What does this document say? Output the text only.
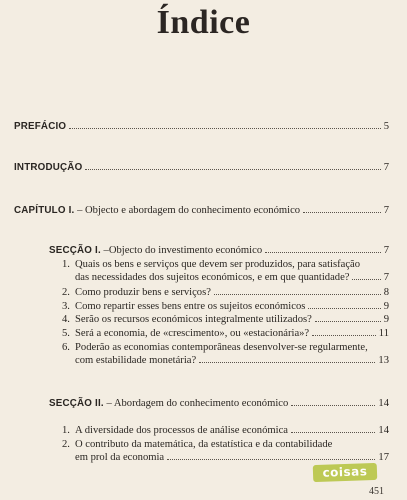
Índice
PREFÁCIO	5
INTRODUÇÃO	7
CAPÍTULO I. – Objecto e abordagem do conhecimento económico	7
SECÇÃO I. –Objecto do investimento económico	7
1. Quais os bens e serviços que devem ser produzidos, para satisfação
das necessidades dos sujeitos económicos, e em que quantidade?	7
2. Como produzir bens e serviços?	8
3. Como repartir esses bens entre os sujeitos económicos	9
4. Serão os recursos económicos integralmente utilizados?	9
5. Será a economia, de «crescimento», ou «estacionária»?	11
6. Poderão as economias contemporâneas desenvolver-se regularmente,
com estabilidade monetária?	13
SECÇÃO II. – Abordagem do conhecimento económico	14
1. A diversidade dos processos de análise económica	14
2. O contributo da matemática, da estatística e da contabilidade
em prol da economia	17
coisas
451
